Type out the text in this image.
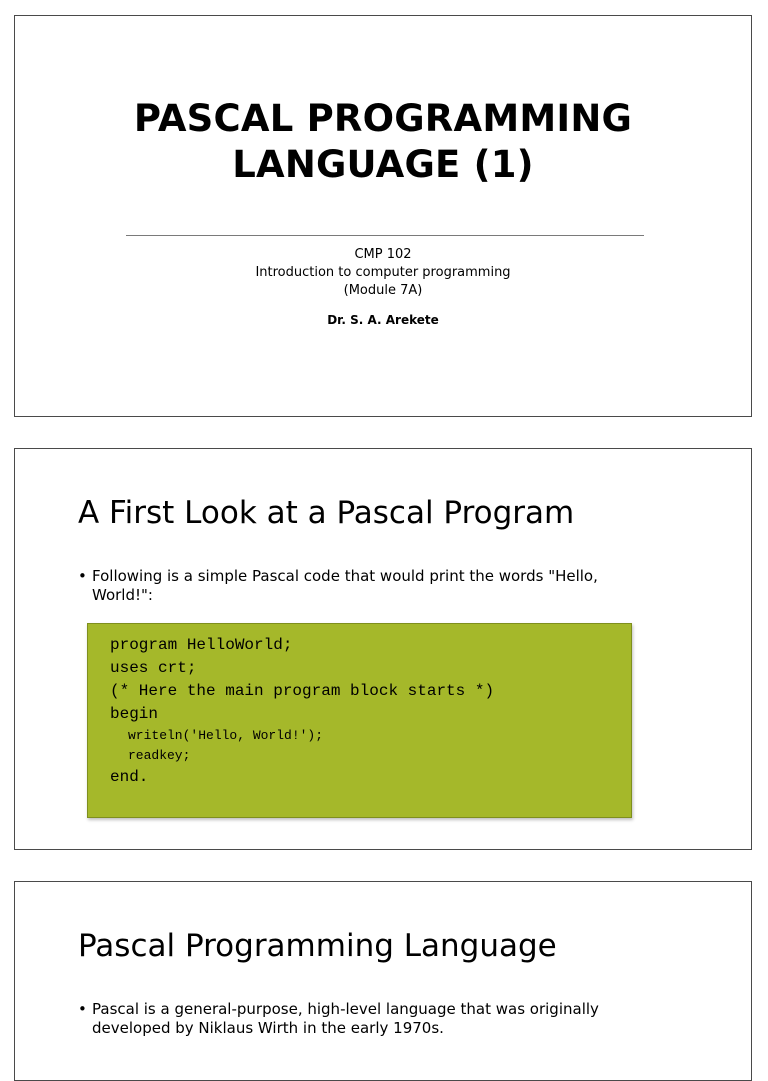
PASCAL PROGRAMMING
LANGUAGE (1)
CMP 102
Introduction to computer programming
(Module 7A)
Dr. S. A. Arekete
A First Look at a Pascal Program
• Following is a simple Pascal code that would print the words "Hello, World!":
program HelloWorld;
uses crt;
(* Here the main program block starts *)
begin
writeln('Hello, World!');
readkey;
end.
Pascal Programming Language
• Pascal is a general-purpose, high-level language that was originally developed by Niklaus Wirth in the early 1970s.
